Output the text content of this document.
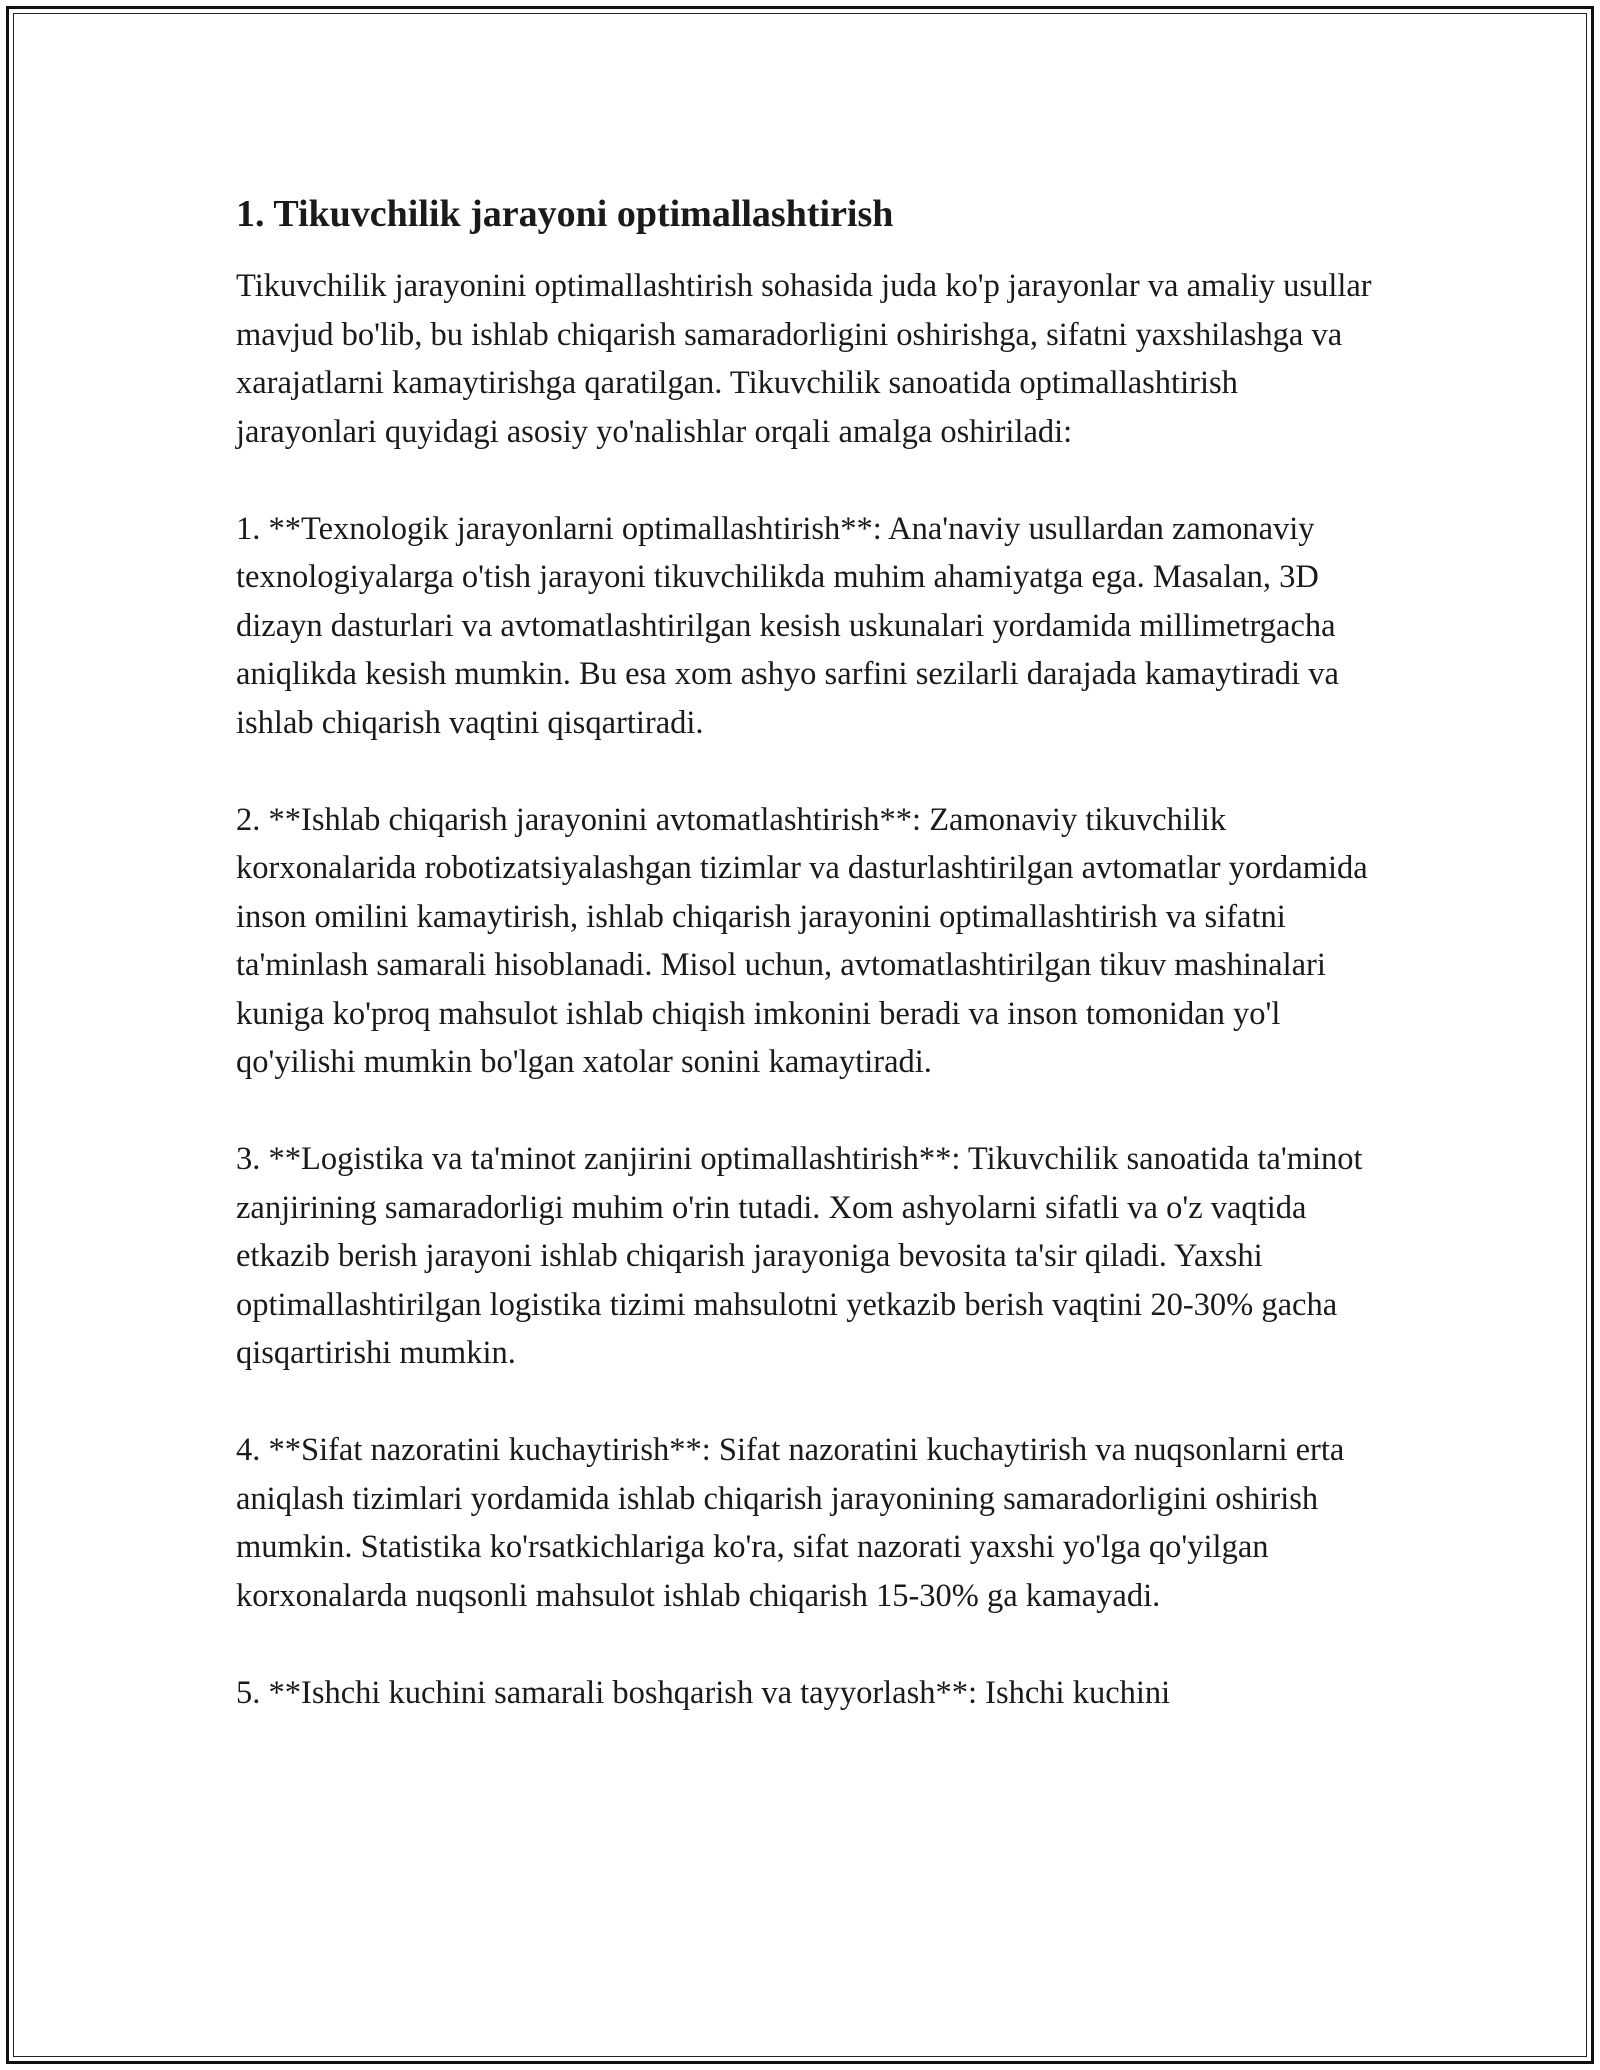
1. Tikuvchilik jarayoni optimallashtirish

Tikuvchilik jarayonini optimallashtirish sohasida juda ko'p jarayonlar va amaliy usullar mavjud bo'lib, bu ishlab chiqarish samaradorligini oshirishga, sifatni yaxshilashga va xarajatlarni kamaytirishga qaratilgan. Tikuvchilik sanoatida optimallashtirish jarayonlari quyidagi asosiy yo'nalishlar orqali amalga oshiriladi:

1. **Texnologik jarayonlarni optimallashtirish**: Ana'naviy usullardan zamonaviy texnologiyalarga o'tish jarayoni tikuvchilikda muhim ahamiyatga ega. Masalan, 3D dizayn dasturlari va avtomatlashtirilgan kesish uskunalari yordamida millimetrgacha aniqlikda kesish mumkin. Bu esa xom ashyo sarfini sezilarli darajada kamaytiradi va ishlab chiqarish vaqtini qisqartiradi.

2. **Ishlab chiqarish jarayonini avtomatlashtirish**: Zamonaviy tikuvchilik korxonalarida robotizatsiyalashgan tizimlar va dasturlashtirilgan avtomatlar yordamida inson omilini kamaytirish, ishlab chiqarish jarayonini optimallashtirish va sifatni ta'minlash samarali hisoblanadi. Misol uchun, avtomatlashtirilgan tikuv mashinalari kuniga ko'proq mahsulot ishlab chiqish imkonini beradi va inson tomonidan yo'l qo'yilishi mumkin bo'lgan xatolar sonini kamaytiradi.

3. **Logistika va ta'minot zanjirini optimallashtirish**: Tikuvchilik sanoatida ta'minot zanjirining samaradorligi muhim o'rin tutadi. Xom ashyolarni sifatli va o'z vaqtida etkazib berish jarayoni ishlab chiqarish jarayoniga bevosita ta'sir qiladi. Yaxshi optimallashtirilgan logistika tizimi mahsulotni yetkazib berish vaqtini 20-30% gacha qisqartirishi mumkin.

4. **Sifat nazoratini kuchaytirish**: Sifat nazoratini kuchaytirish va nuqsonlarni erta aniqlash tizimlari yordamida ishlab chiqarish jarayonining samaradorligini oshirish mumkin. Statistika ko'rsatkichlariga ko'ra, sifat nazorati yaxshi yo'lga qo'yilgan korxonalarda nuqsonli mahsulot ishlab chiqarish 15-30% ga kamayadi.

5. **Ishchi kuchini samarali boshqarish va tayyorlash**: Ishchi kuchini
